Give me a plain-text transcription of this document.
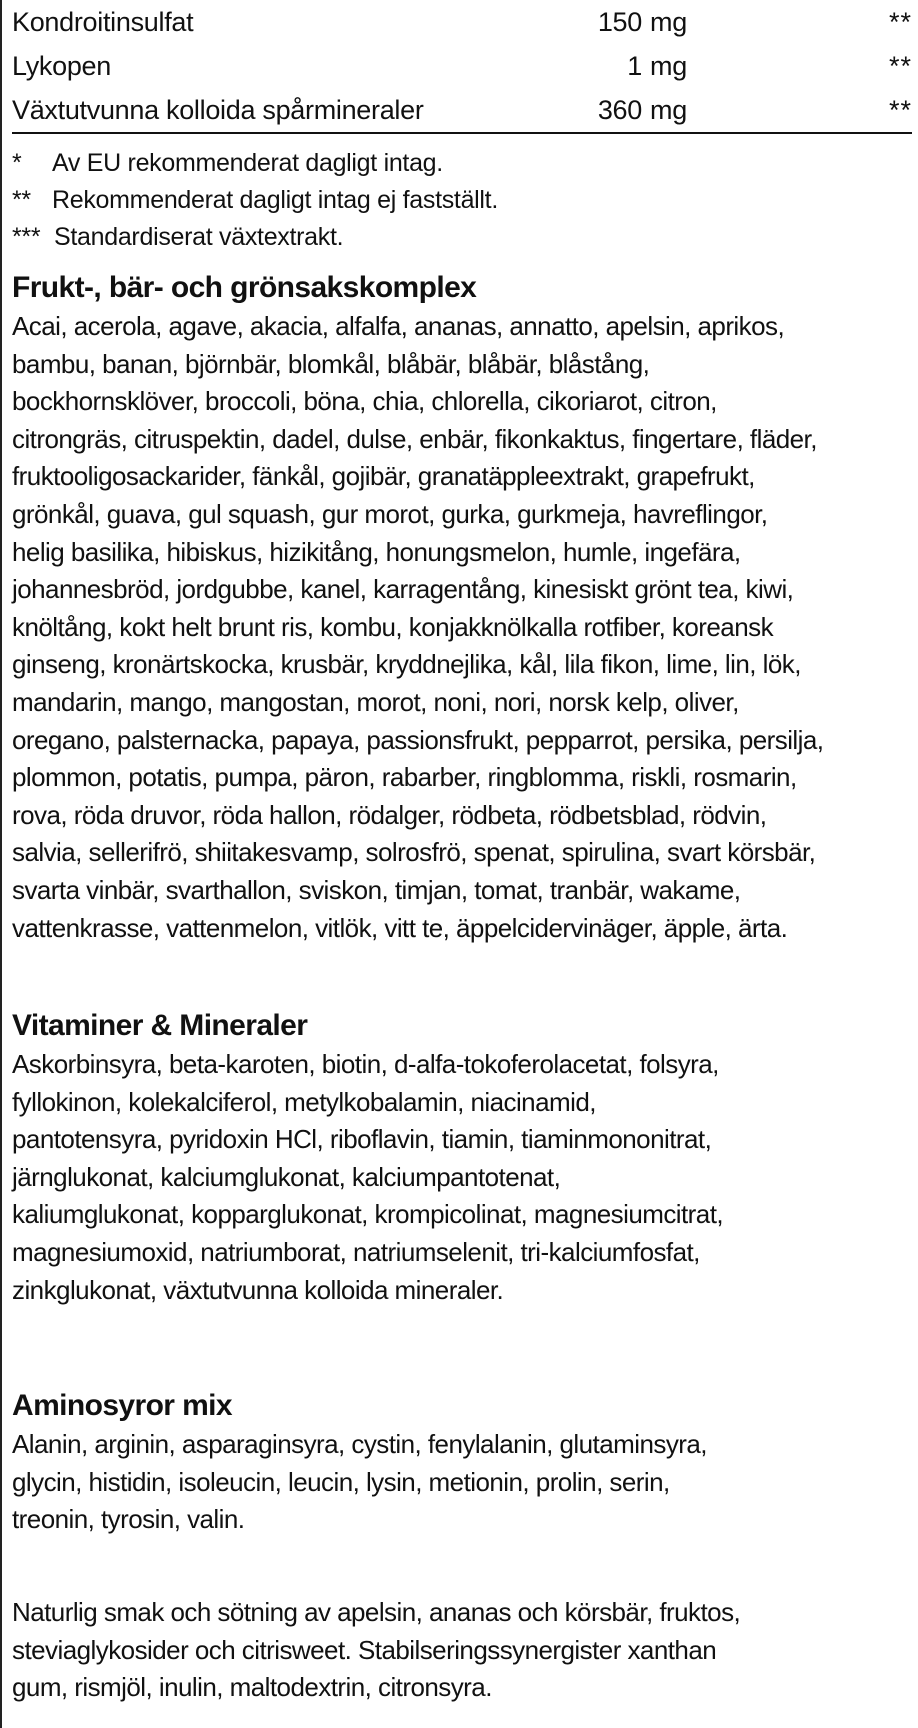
Kondroitinsulfat	150 mg	**
Lykopen	1 mg	**
Växtutvunna kolloida spårmineraler	360 mg	**
*	Av EU rekommenderat dagligt intag.
** Rekommenderat dagligt intag ej fastställt.
*** Standardiserat växtextrakt.
Frukt-, bär- och grönsakskomplex

Acai, acerola, agave, akacia, alfalfa, ananas, annatto, apelsin, aprikos,
bambu, banan, björnbär, blomkål, blåbär, blåbär, blåstång,
bockhornsklöver, broccoli, böna, chia, chlorella, cikoriarot, citron,
citrongräs, citruspektin, dadel, dulse, enbär, fikonkaktus, fingertare, fläder,
fruktooligosackarider, fänkål, gojibär, granatäppleextrakt, grapefrukt,
grönkål, guava, gul squash, gur morot, gurka, gurkmeja, havreflingor,
helig basilika, hibiskus, hizikitång, honungsmelon, humle, ingefära,
johannesbröd, jordgubbe, kanel, karragentång, kinesiskt grönt tea, kiwi,
knöltång, kokt helt brunt ris, kombu, konjakknölkalla rotfiber, koreansk
ginseng, kronärtskocka, krusbär, kryddnejlika, kål, lila fikon, lime, lin, lök,
mandarin, mango, mangostan, morot, noni, nori, norsk kelp, oliver,
oregano, palsternacka, papaya, passionsfrukt, pepparrot, persika, persilja,
plommon, potatis, pumpa, päron, rabarber, ringblomma, riskli, rosmarin,
rova, röda druvor, röda hallon, rödalger, rödbeta, rödbetsblad, rödvin,
salvia, sellerifrö, shiitakesvamp, solrosfrö, spenat, spirulina, svart körsbär,
svarta vinbär, svarthallon, sviskon, timjan, tomat, tranbär, wakame,
vattenkrasse, vattenmelon, vitlök, vitt te, äppelcidervinäger, äpple, ärta.

Vitaminer & Mineraler

Askorbinsyra, beta-karoten, biotin, d-alfa-tokoferolacetat, folsyra,
fyllokinon, kolekalciferol, metylkobalamin, niacinamid,
pantotensyra, pyridoxin HCl, riboflavin, tiamin, tiaminmononitrat,
järnglukonat, kalciumglukonat, kalciumpantotenat,
kaliumglukonat, kopparglukonat, krompicolinat, magnesiumcitrat,
magnesiumoxid, natriumborat, natriumselenit, tri-kalciumfosfat,
zinkglukonat, växtutvunna kolloida mineraler.

Aminosyror mix

Alanin, arginin, asparaginsyra, cystin, fenylalanin, glutaminsyra,
glycin, histidin, isoleucin, leucin, lysin, metionin, prolin, serin,
treonin, tyrosin, valin.

Naturlig smak och sötning av apelsin, ananas och körsbär, fruktos,
steviaglykosider och citrisweet. Stabilseringssynergister xanthan
gum, rismjöl, inulin, maltodextrin, citronsyra.
